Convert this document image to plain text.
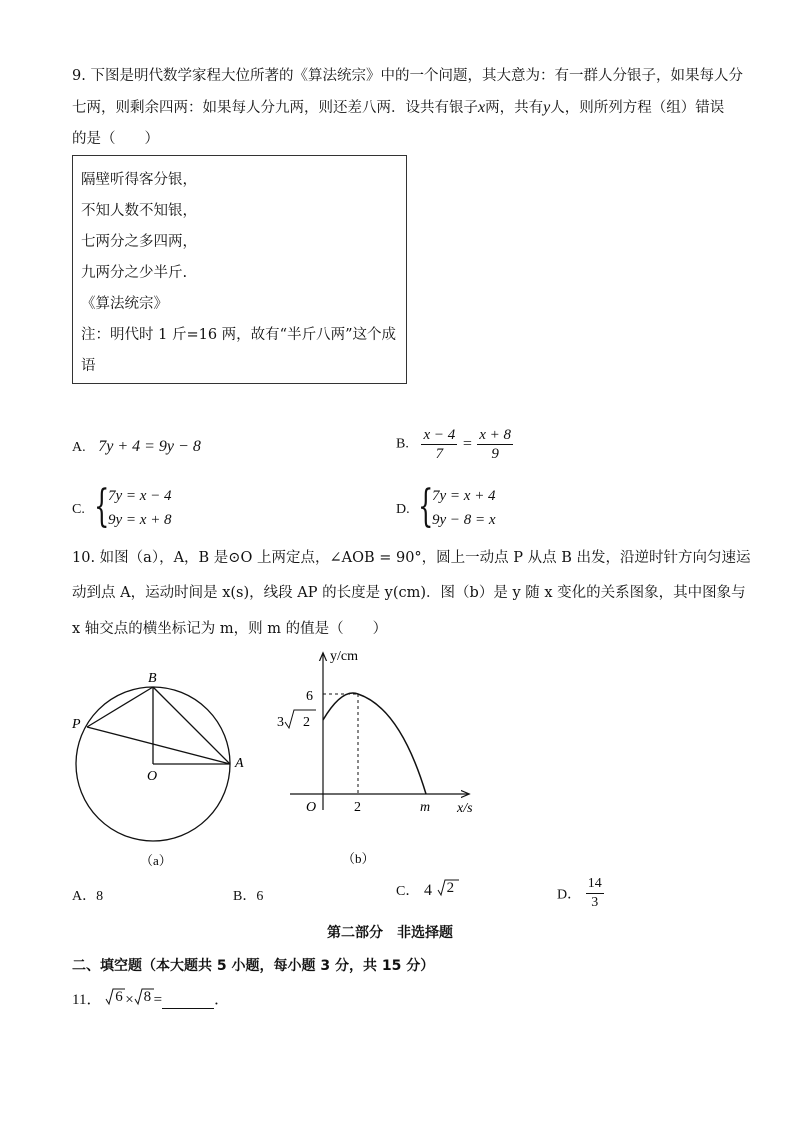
9. 下图是明代数学家程大位所著的《算法统宗》中的一个问题，其大意为：有一群人分银子，如果每人分
七两，则剩余四两：如果每人分九两，则还差八两．设共有银子x两，共有y人，则所列方程（组）错误
的是（　　）
隔壁听得客分银，
不知人数不知银，
七两分之多四两，
九两分之少半斤.
《算法统宗》
注：明代时 1 斤=16 两，故有“半斤八两”这个成
语
A. 7y + 4 = 9y − 8	B. $\frac{x - 4}{7} = \frac{x + 8}{9}$
C. {
7y = x − 4
9y = x + 8
D. {
7y = x + 4
9y − 8 = x
10. 如图（a），A，B 是⊙O 上两定点，∠AOB = 90°，圆上一动点 P 从点 B 出发，沿逆时针方向匀速运
动到点 A，运动时间是 x(s)，线段 AP 的长度是 y(cm)．图（b）是 y 随 x 变化的关系图象，其中图象与
x 轴交点的横坐标记为 m，则 m 的值是（　　）
B
P
O
A
（a）
y/cm
x/s
O
6
3 2
2	m
（b）
A．8	B．6	C． 4 2	D． $\frac{14}{3}$
第二部分　非选择题
二、填空题（本大题共 5 小题，每小题 3 分，共 15 分）
11． 6 × 8 =	．
